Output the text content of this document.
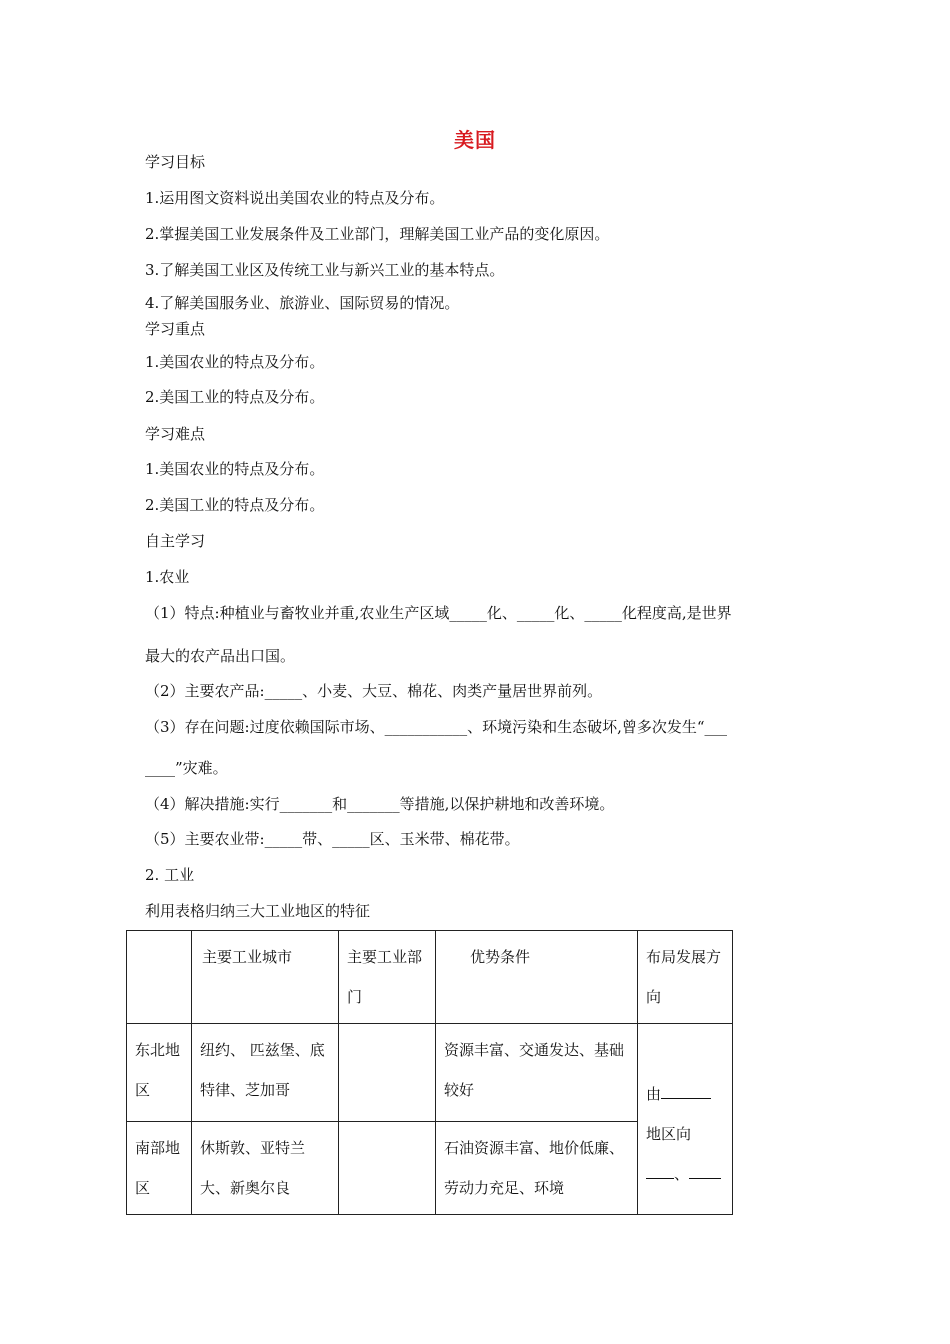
美国
学习目标
1.运用图文资料说出美国农业的特点及分布。
2.掌握美国工业发展条件及工业部门，理解美国工业产品的变化原因。
3.了解美国工业区及传统工业与新兴工业的基本特点。
4.了解美国服务业、旅游业、国际贸易的情况。
学习重点
1.美国农业的特点及分布。
2.美国工业的特点及分布。
学习难点
1.美国农业的特点及分布。
2.美国工业的特点及分布。
自主学习
1.农业
（1）特点:种植业与畜牧业并重,农业生产区域_____化、_____化、_____化程度高,是世界
最大的农产品出口国。
（2）主要农产品:_____、小麦、大豆、棉花、肉类产量居世界前列。
（3）存在问题:过度依赖国际市场、___________、环境污染和生态破坏,曾多次发生“___
____”灾难。
（4）解决措施:实行_______和_______等措施,以保护耕地和改善环境。
（5）主要农业带:_____带、_____区、玉米带、棉花带。
2. 工业
利用表格归纳三大工业地区的特征
	主要工业城市	主要工业部门	优势条件	布局发展方向
东北地区	纽约、 匹兹堡、底特律、芝加哥		资源丰富、交通发达、基础较好	由
地区向
、

南部地区	休斯敦、亚特兰大、新奥尔良		石油资源丰富、地价低廉、劳动力充足、环境	
